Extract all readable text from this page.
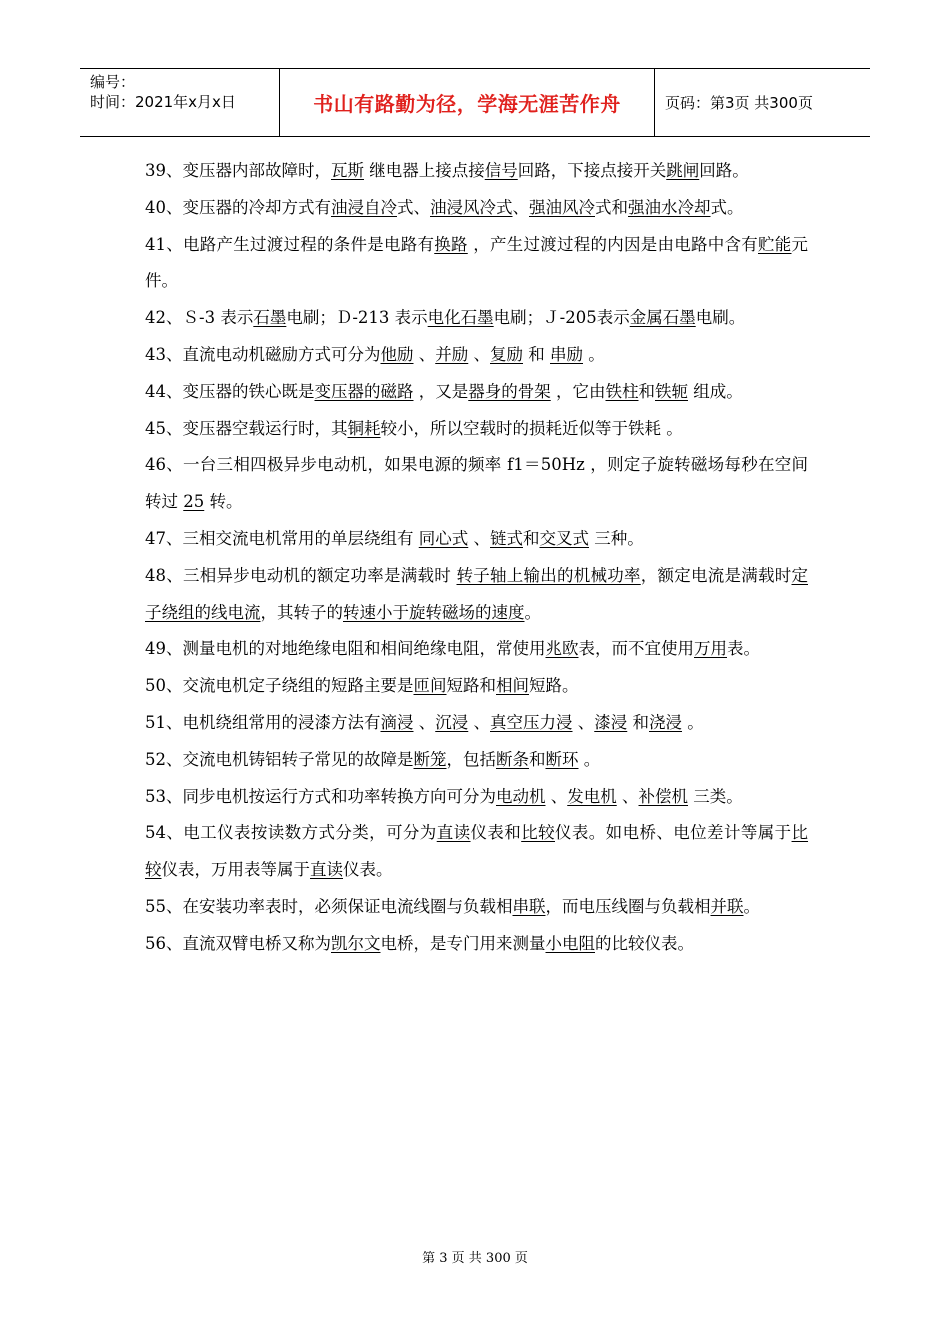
编号：
时间：2021年x月x日	书山有路勤为径，学海无涯苦作舟	页码：第3页 共300页

39、变压器内部故障时，瓦斯 继电器上接点接信号回路，下接点接开关跳闸回路。

40、变压器的冷却方式有油浸自冷式、油浸风冷式、强油风冷式和强油水冷却式。

41、电路产生过渡过程的条件是电路有换路 ，产生过渡过程的内因是由电路中含有贮能元件。

42、Ｓ-3 表示石墨电刷；Ｄ-213 表示电化石墨电刷；Ｊ-205表示金属石墨电刷。

43、直流电动机磁励方式可分为他励 、并励 、复励 和 串励 。

44、变压器的铁心既是变压器的磁路 ，又是器身的骨架 ，它由铁柱和铁轭 组成。

45、变压器空载运行时，其铜耗较小，所以空载时的损耗近似等于铁耗 。

46、一台三相四极异步电动机，如果电源的频率 f1＝50Hz ，则定子旋转磁场每秒在空间转过 25 转。

47、三相交流电机常用的单层绕组有 同心式 、链式和交叉式 三种。

48、三相异步电动机的额定功率是满载时 转子轴上输出的机械功率，额定电流是满载时定子绕组的线电流，其转子的转速小于旋转磁场的速度。

49、测量电机的对地绝缘电阻和相间绝缘电阻，常使用兆欧表，而不宜使用万用表。

50、交流电机定子绕组的短路主要是匝间短路和相间短路。

51、电机绕组常用的浸漆方法有滴浸 、沉浸 、真空压力浸 、漆浸 和浇浸 。

52、交流电机铸铝转子常见的故障是断笼，包括断条和断环 。

53、同步电机按运行方式和功率转换方向可分为电动机 、发电机 、补偿机 三类。

54、电工仪表按读数方式分类，可分为直读仪表和比较仪表。如电桥、电位差计等属于比较仪表，万用表等属于直读仪表。

55、在安装功率表时，必须保证电流线圈与负载相串联，而电压线圈与负载相并联。

56、直流双臂电桥又称为凯尔文电桥，是专门用来测量小电阻的比较仪表。

第 3 页 共 300 页
